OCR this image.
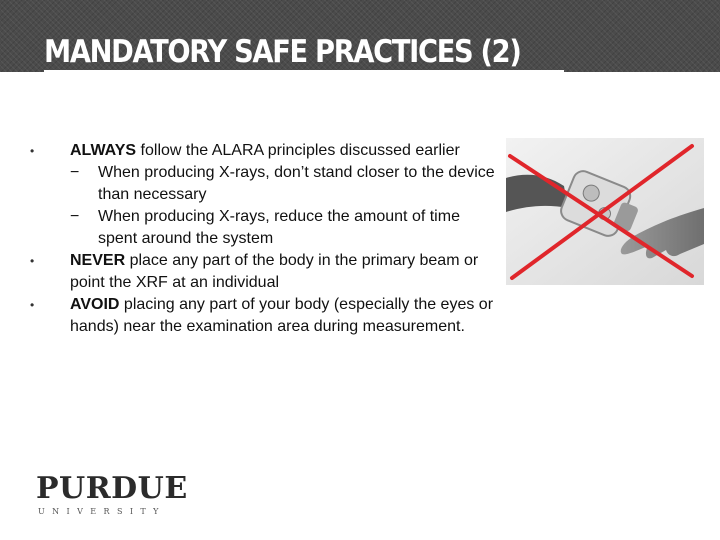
MANDATORY SAFE PRACTICES (2)
•	ALWAYS follow the ALARA principles discussed earlier
− When producing X-rays, don’t stand closer to the device than necessary
− When producing X-rays, reduce the amount of time spent around the system
•	NEVER place any part of the body in the primary beam or point the XRF at an individual
•	AVOID placing any part of your body (especially the eyes or hands) near the examination area during measurement.
PURDUE
UNIVERSITY
